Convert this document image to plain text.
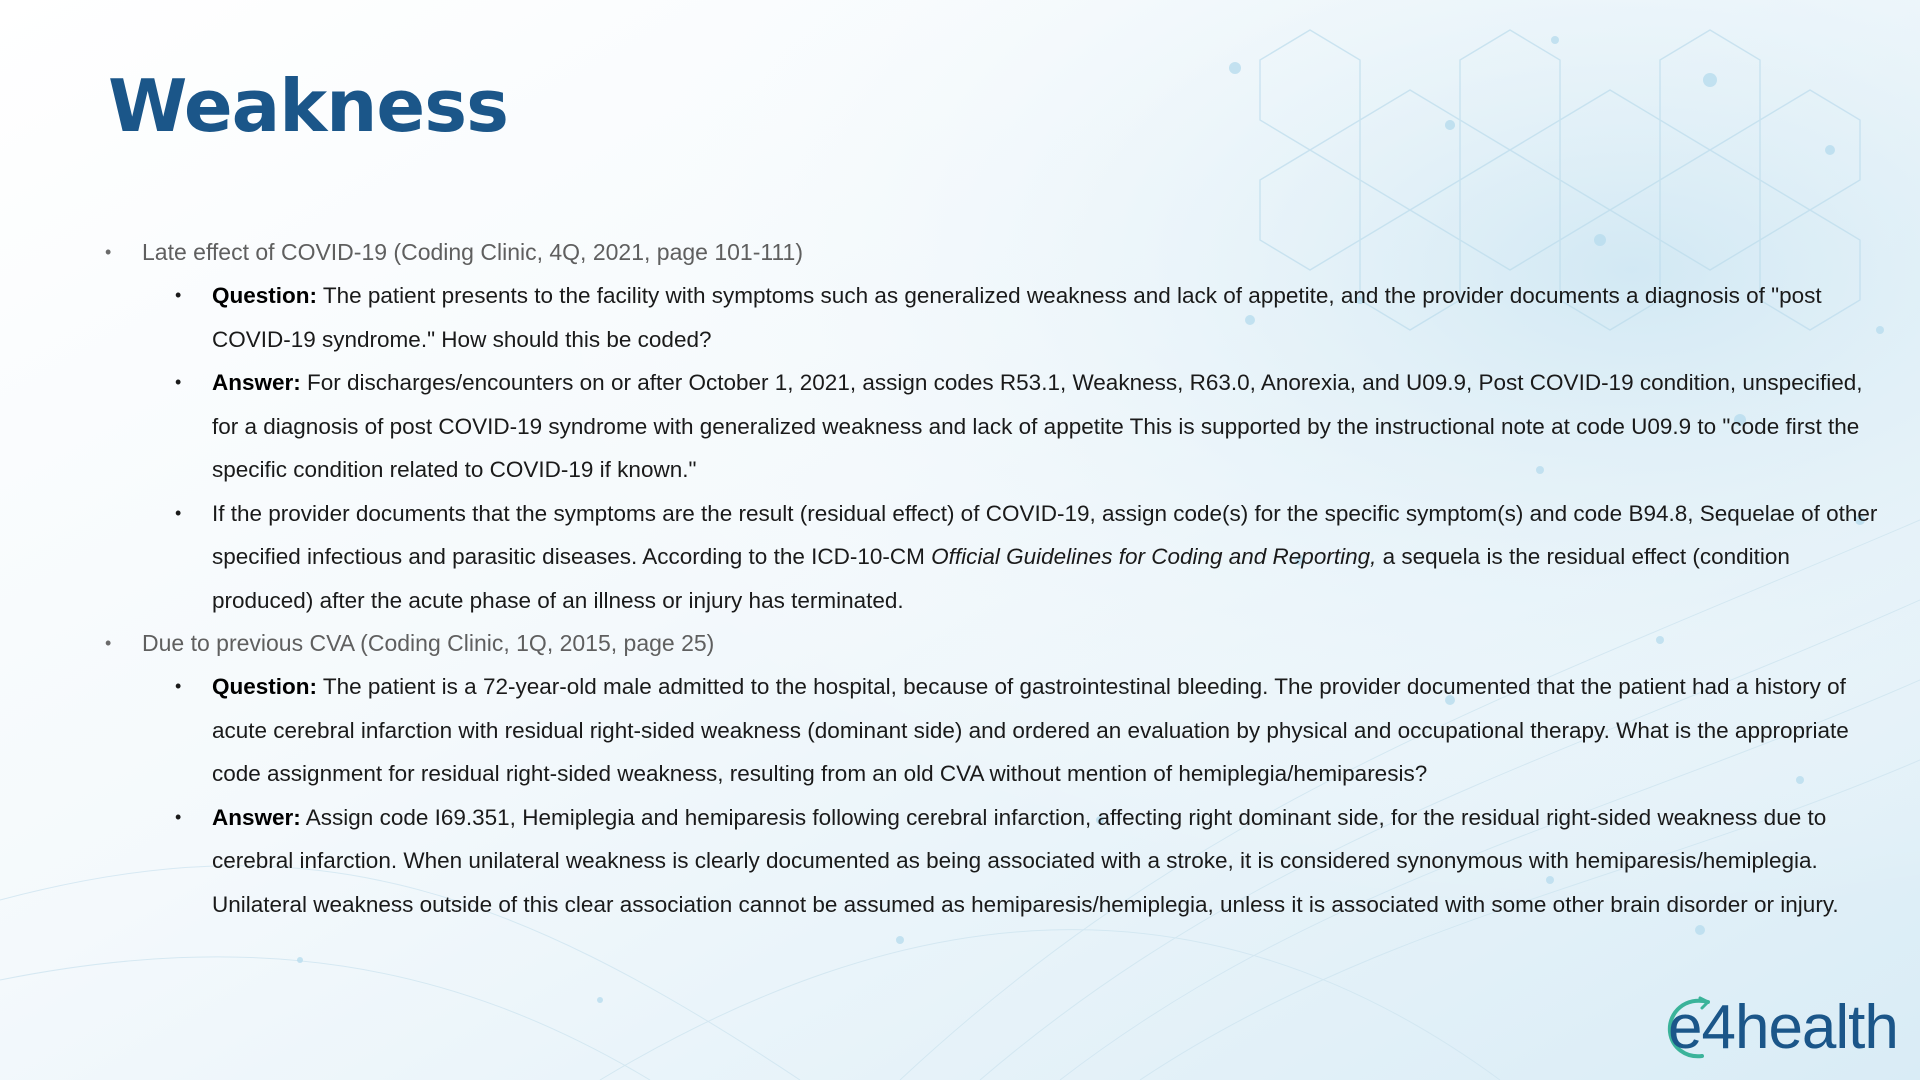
Weakness
• Late effect of COVID-19 (Coding Clinic, 4Q, 2021, page 101-111)
• Question: The patient presents to the facility with symptoms such as generalized weakness and lack of appetite, and the provider documents a diagnosis of "post COVID-19 syndrome." How should this be coded?
• Answer: For discharges/encounters on or after October 1, 2021, assign codes R53.1, Weakness, R63.0, Anorexia, and U09.9, Post COVID-19 condition, unspecified, for a diagnosis of post COVID-19 syndrome with generalized weakness and lack of appetite This is supported by the instructional note at code U09.9 to "code first the specific condition related to COVID-19 if known."
• If the provider documents that the symptoms are the result (residual effect) of COVID-19, assign code(s) for the specific symptom(s) and code B94.8, Sequelae of other specified infectious and parasitic diseases. According to the ICD-10-CM Official Guidelines for Coding and Reporting, a sequela is the residual effect (condition produced) after the acute phase of an illness or injury has terminated.
• Due to previous CVA (Coding Clinic, 1Q, 2015, page 25)
• Question: The patient is a 72-year-old male admitted to the hospital, because of gastrointestinal bleeding. The provider documented that the patient had a history of acute cerebral infarction with residual right-sided weakness (dominant side) and ordered an evaluation by physical and occupational therapy. What is the appropriate code assignment for residual right-sided weakness, resulting from an old CVA without mention of hemiplegia/hemiparesis?
• Answer: Assign code I69.351, Hemiplegia and hemiparesis following cerebral infarction, affecting right dominant side, for the residual right-sided weakness due to cerebral infarction. When unilateral weakness is clearly documented as being associated with a stroke, it is considered synonymous with hemiparesis/hemiplegia. Unilateral weakness outside of this clear association cannot be assumed as hemiparesis/hemiplegia, unless it is associated with some other brain disorder or injury.
e4health
